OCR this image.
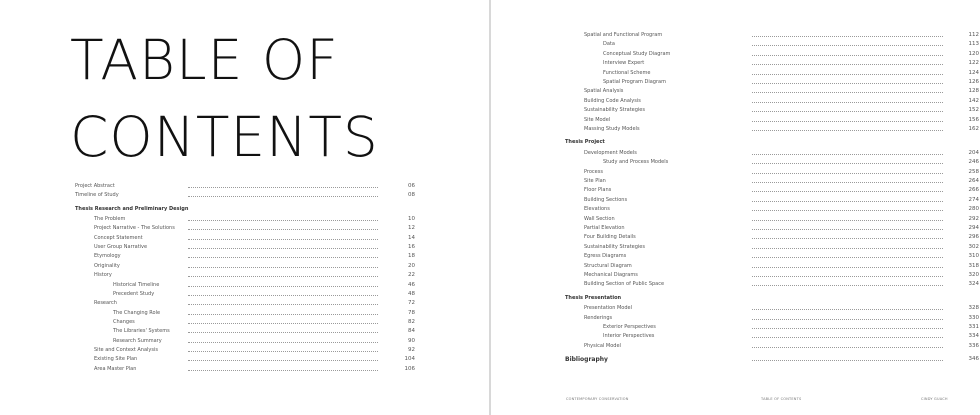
TABLE OF
CONTENTS
Project Abstract	06
Timeline of Study	08
Thesis Research and Preliminary Design
The Problem	10
Project Narrative - The Solutions	12
Concept Statement	14
User Group Narrative	16
Etymology	18
Originality	20
History	22
Historical Timeline	46
Precedent Study	48
Research	72
The Changing Role	78
Changes	82
The Libraries' Systems	84
Research Summary	90
Site and Context Analysis	92
Existing Site Plan	104
Area Master Plan	106
Spatial and Functional Program	112
Data	113
Conceptual Study Diagram	120
Interview Expert	122
Functional Scheme	124
Spatial Program Diagram	126
Spatial Analysis	128
Building Code Analysis	142
Sustainability Strategies	152
Site Model	156
Massing Study Models	162
Thesis Project
Development Models	204
Study and Process Models	246
Process	258
Site Plan	264
Floor Plans	266
Building Sections	274
Elevations	280
Wall Section	292
Partial Elevation	294
Four Building Details	296
Sustainability Strategies	302
Egress Diagrams	310
Structural Diagram	318
Mechanical Diagrams	320
Building Section of Public Space	324
Thesis Presentation
Presentation Model	328
Renderings	330
Exterior Perspectives	331
Interior Perspectives	334
Physical Model	336
Bibliography	346
CONTEMPORARY CONSERVATION	TABLE OF CONTENTS	CINDY GUACH
